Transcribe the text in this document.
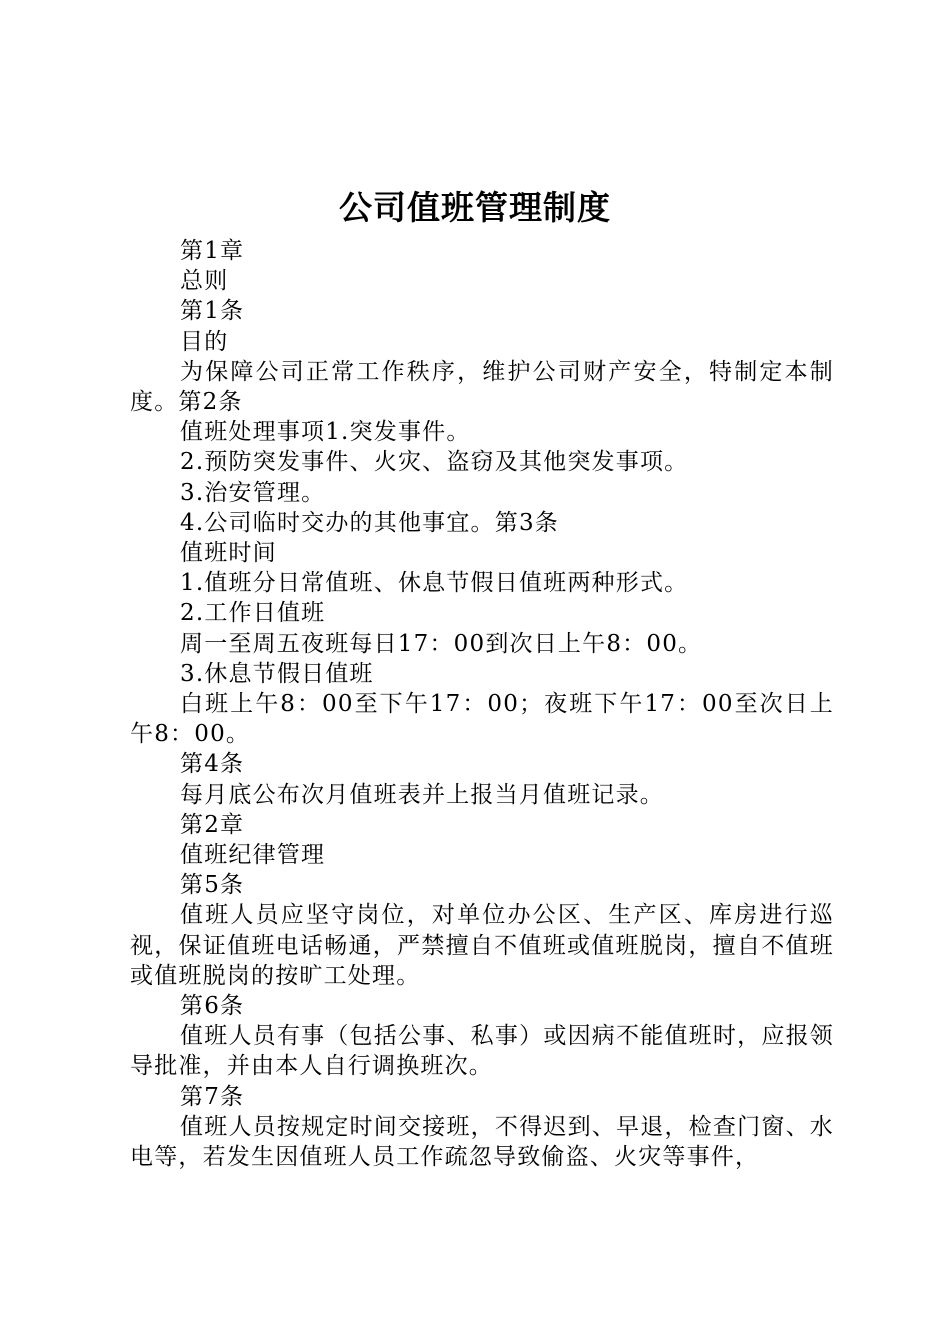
公司值班管理制度

第1章

总则

第1条

目的

为保障公司正常工作秩序，维护公司财产安全，特制定本制度。第2条

值班处理事项1.突发事件。

2.预防突发事件、火灾、盗窃及其他突发事项。

3.治安管理。

4.公司临时交办的其他事宜。第3条

值班时间

1.值班分日常值班、休息节假日值班两种形式。

2.工作日值班

周一至周五夜班每日17：00到次日上午8：00。

3.休息节假日值班

白班上午8：00至下午17：00；夜班下午17：00至次日上午8：00。

第4条

每月底公布次月值班表并上报当月值班记录。

第2章

值班纪律管理

第5条

值班人员应坚守岗位，对单位办公区、生产区、库房进行巡视，保证值班电话畅通，严禁擅自不值班或值班脱岗，擅自不值班或值班脱岗的按旷工处理。

第6条

值班人员有事（包括公事、私事）或因病不能值班时，应报领导批准，并由本人自行调换班次。

第7条

值班人员按规定时间交接班，不得迟到、早退，检查门窗、水电等，若发生因值班人员工作疏忽导致偷盗、火灾等事件，
